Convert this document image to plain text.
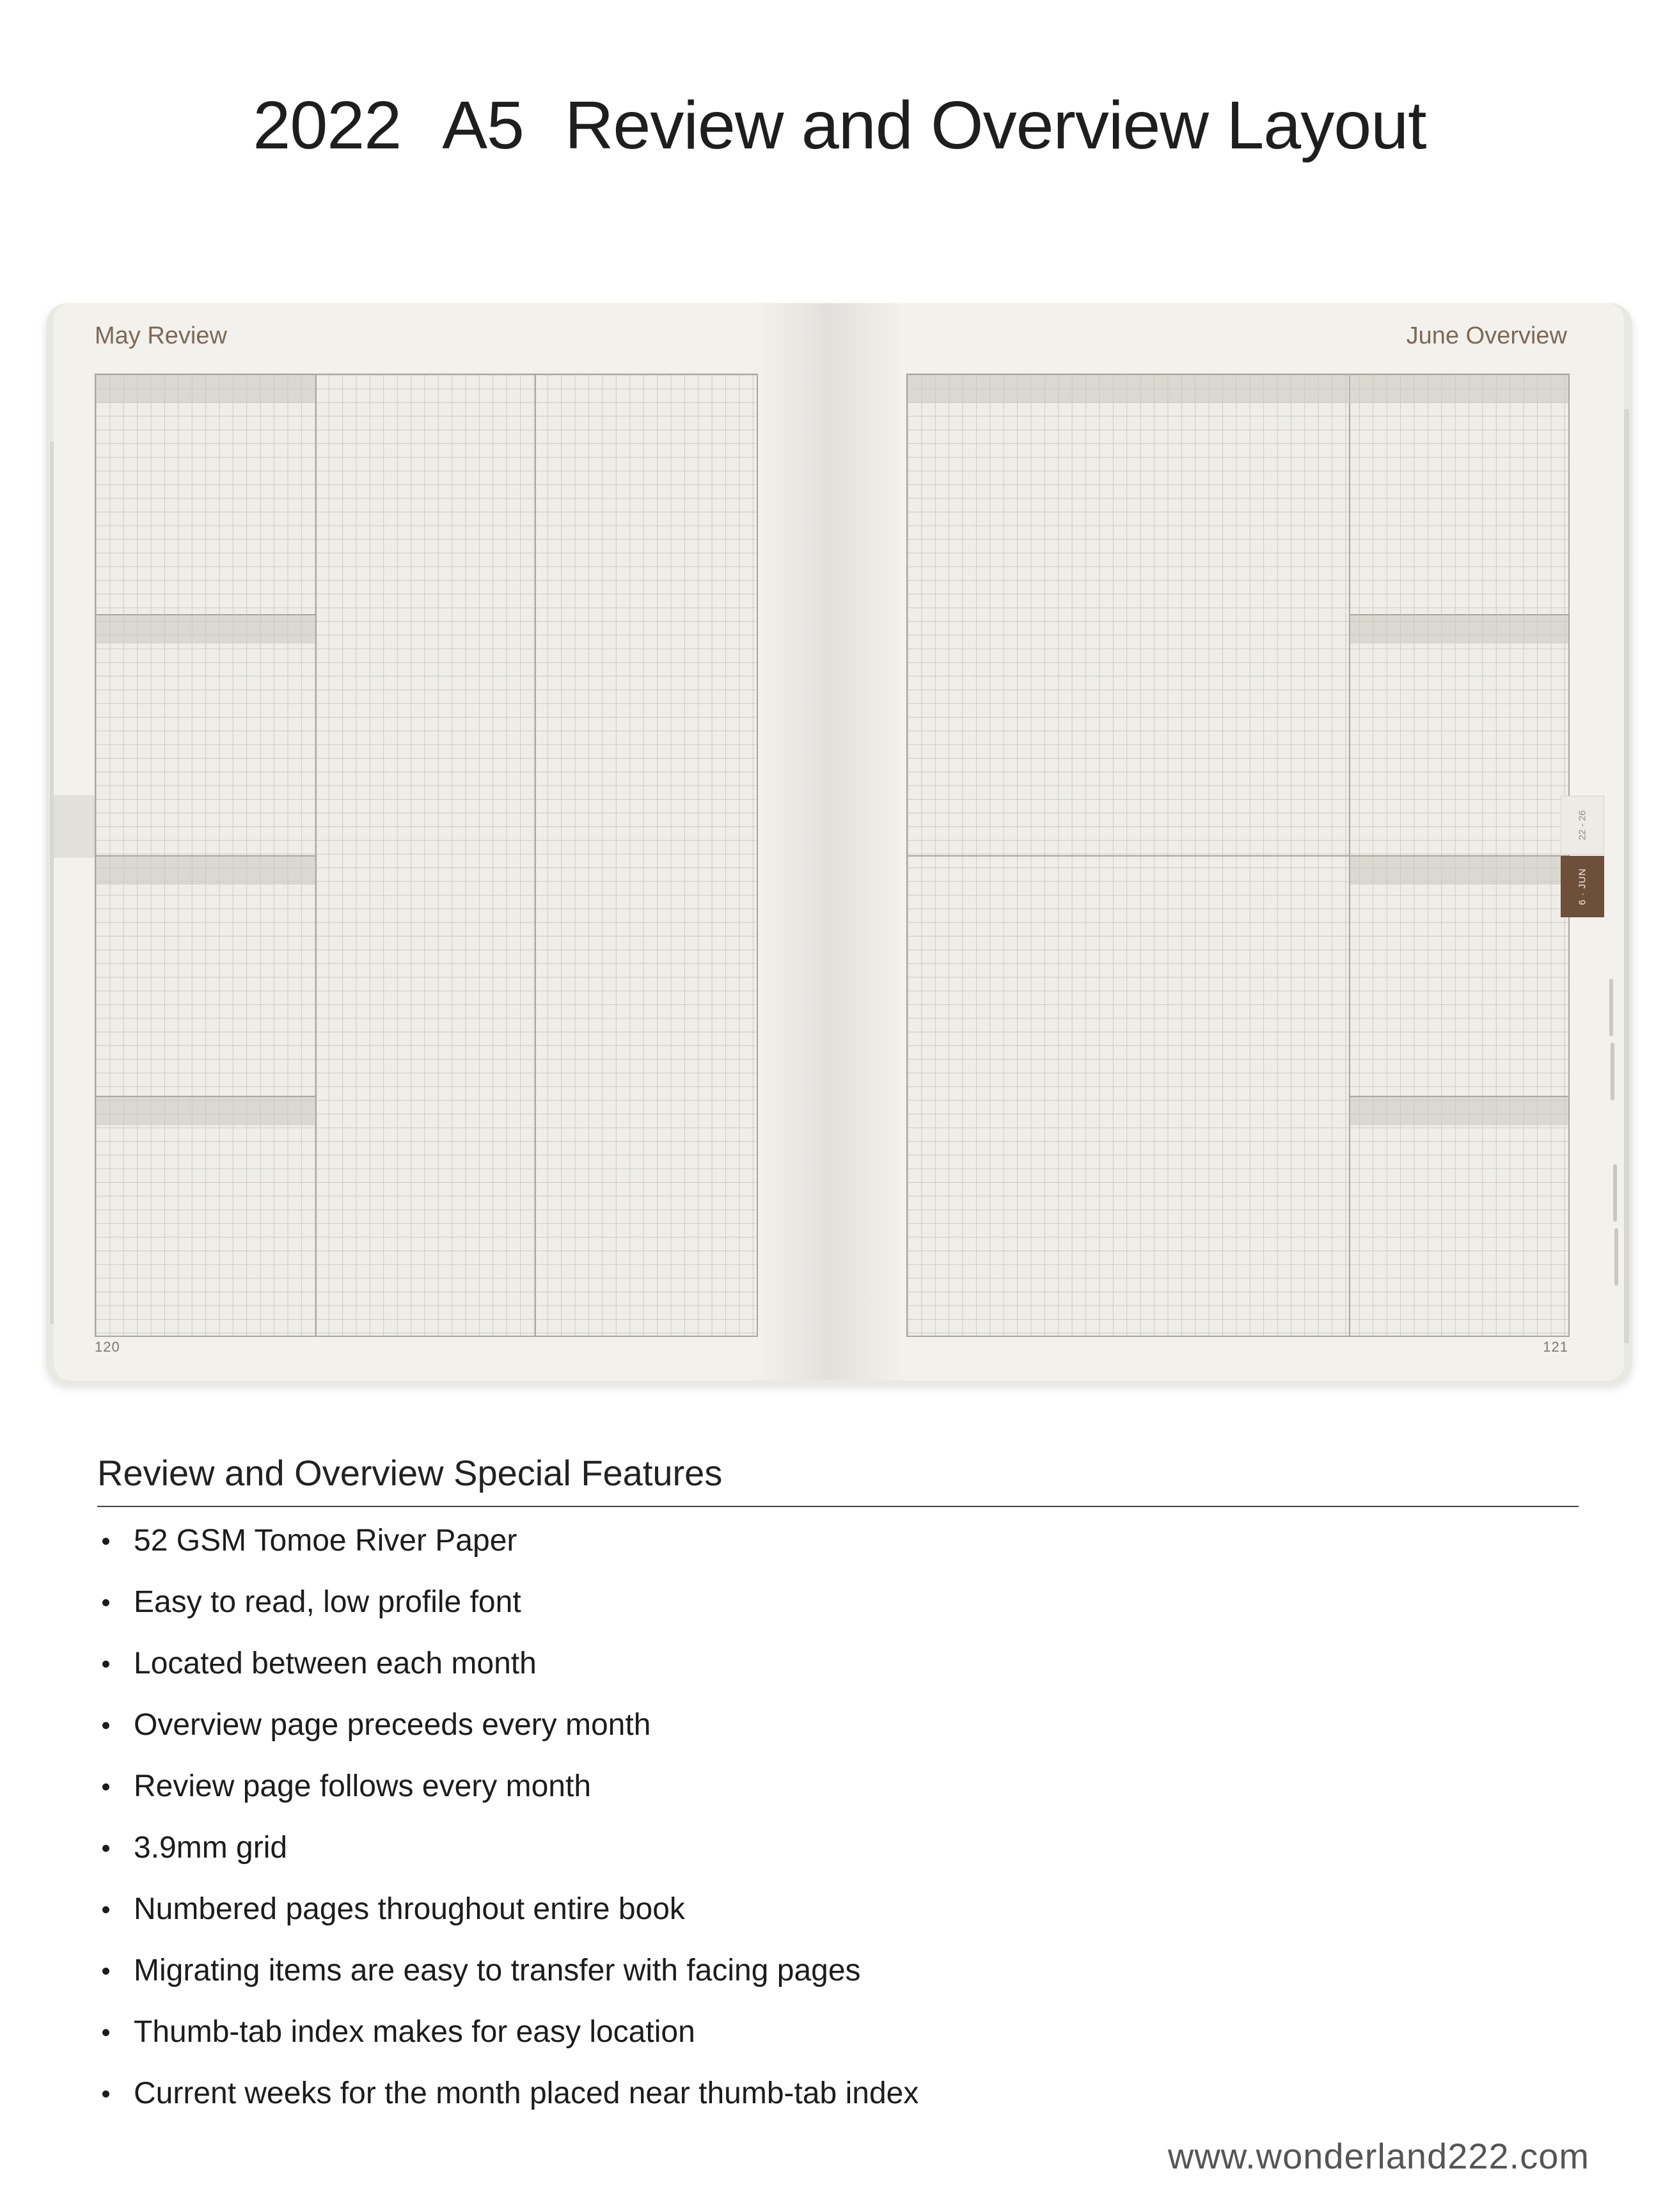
2022 A5 Review and Overview Layout
May Review	June Overview
120	121
22 - 26
6 · JUN
Review and Overview Special Features
52 GSM Tomoe River Paper
Easy to read, low profile font
Located between each month
Overview page preceeds every month
Review page follows every month
3.9mm grid
Numbered pages throughout entire book
Migrating items are easy to transfer with facing pages
Thumb-tab index makes for easy location
Current weeks for the month placed near thumb-tab index
www.wonderland222.com
